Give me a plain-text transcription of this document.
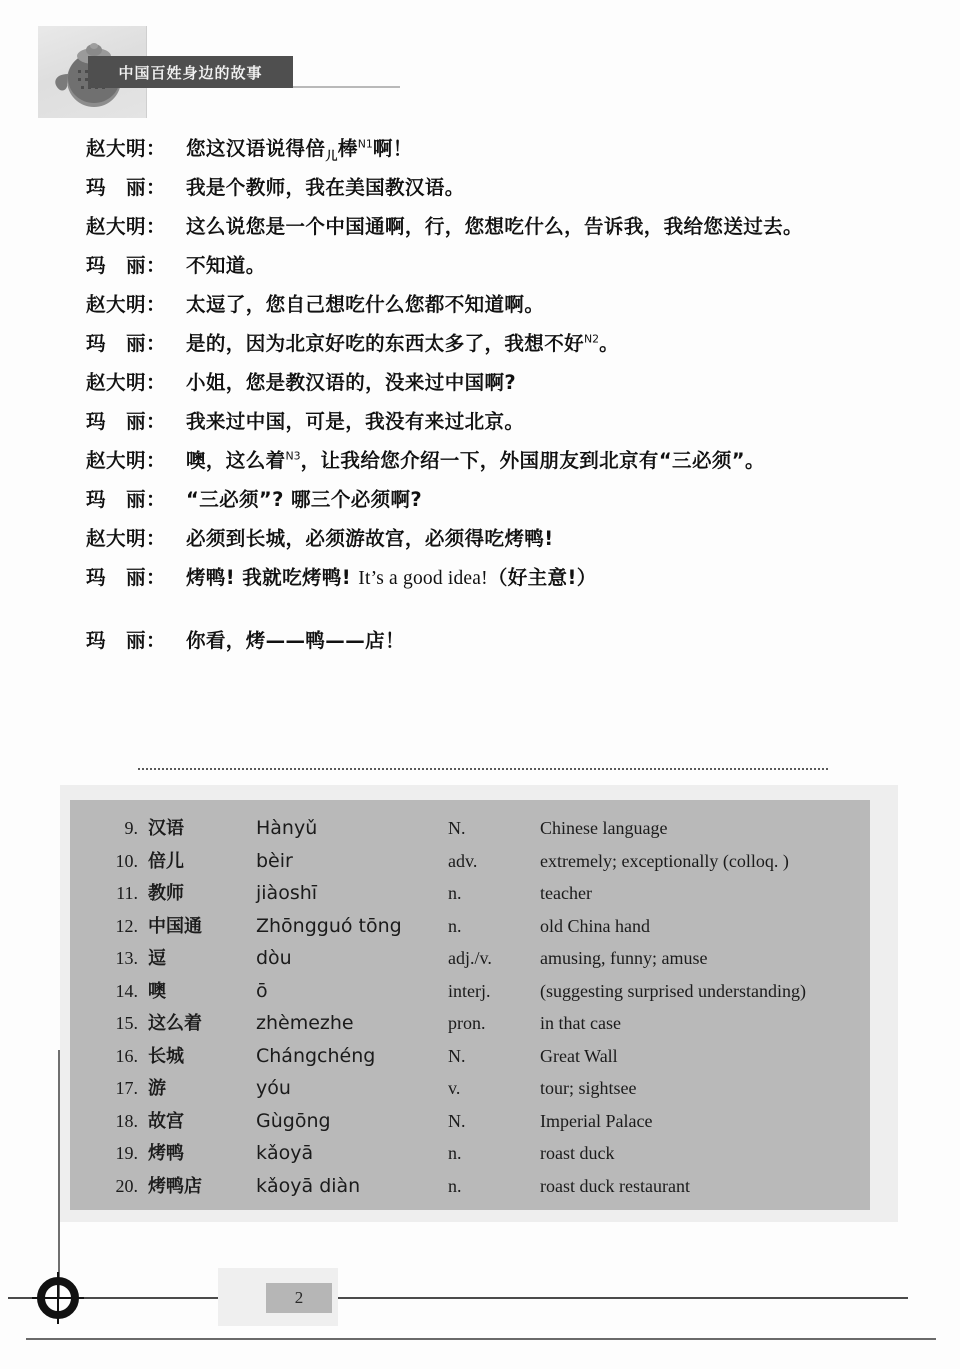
中国百姓身边的故事
赵大明：	您这汉语说得倍$_儿$棒$^{N1}$啊！
玛　丽：	我是个教师，我在美国教汉语。
赵大明：	这么说您是一个中国通啊，行，您想吃什么，告诉我，我给您送过去。
玛　丽：	不知道。
赵大明：	太逗了，您自己想吃什么您都不知道啊。
玛　丽：	是的，因为北京好吃的东西太多了，我想不好$^{N2}$。
赵大明：	小姐，您是教汉语的，没来过中国啊?
玛　丽：	我来过中国，可是，我没有来过北京。
赵大明：	噢，这么着$^{N3}$，让我给您介绍一下，外国朋友到北京有“三必须”。
玛　丽：	“三必须”? 哪三个必须啊?
赵大明：	必须到长城，必须游故宫，必须得吃烤鸭!
玛　丽：	烤鸭! 我就吃烤鸭! It’s a good idea!（好主意!）
玛　丽：	你看，烤——鸭——店！
9. 汉语	Hànyǔ	N.	Chinese language
10. 倍儿	bèir	adv.	extremely; exceptionally (colloq. )
11. 教师	jiàoshī	n.	teacher
12. 中国通	Zhōngguó tōng	n.	old China hand
13. 逗	dòu	adj./v.	amusing, funny; amuse
14. 噢	ō	interj.	(suggesting surprised understanding)
15. 这么着	zhèmezhe	pron.	in that case
16. 长城	Chángchéng	N.	Great Wall
17. 游	yóu	v.	tour; sightsee
18. 故宫	Gùgōng	N.	Imperial Palace
19. 烤鸭	kǎoyā	n.	roast duck
20. 烤鸭店	kǎoyā diàn	n.	roast duck restaurant
2
